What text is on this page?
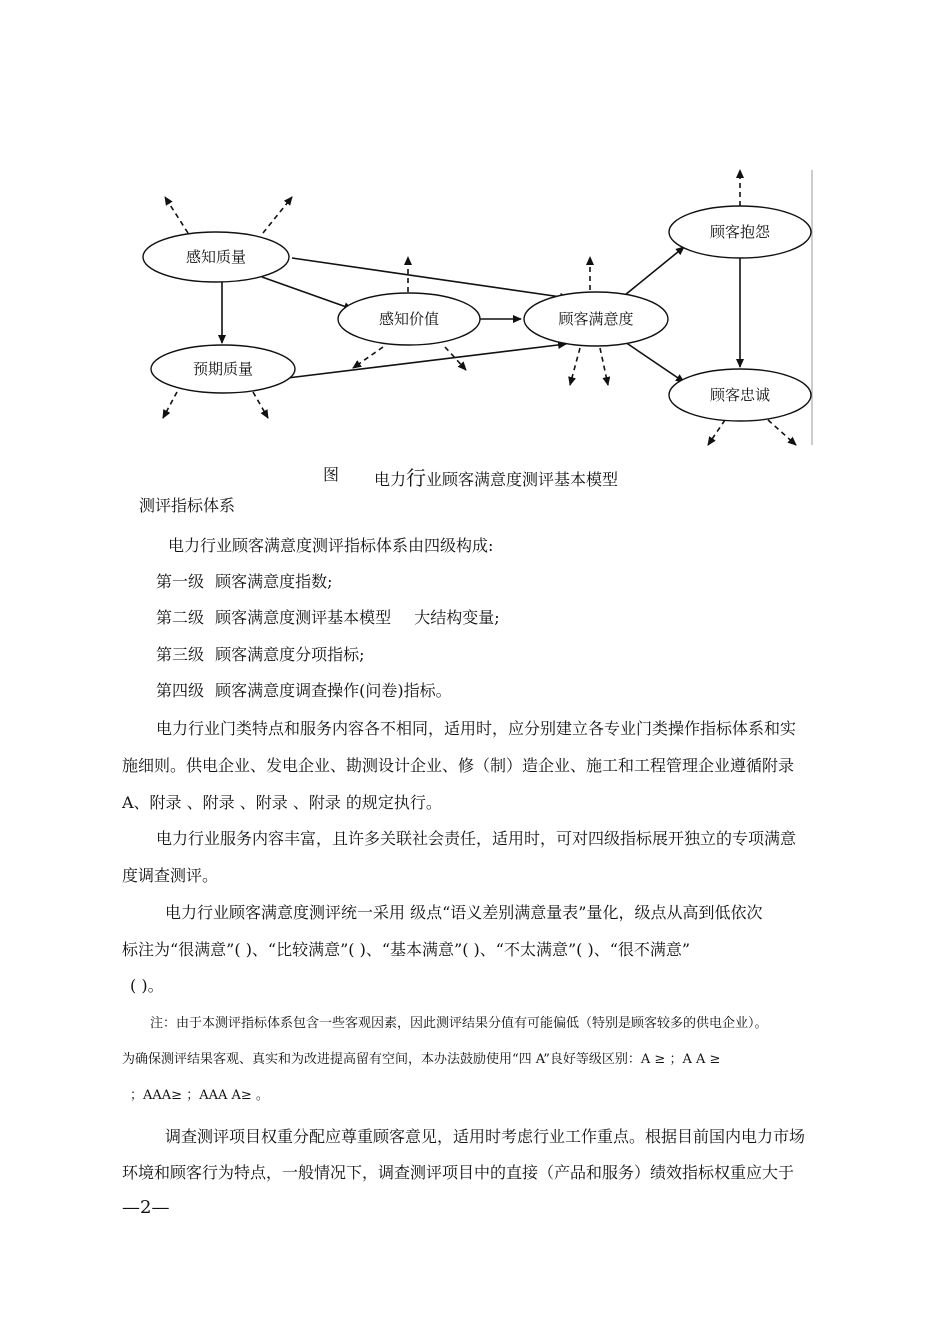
感知质量
感知价值	顾客满意度
预期质量
顾客抱怨
顾客忠诚
图 电力行业顾客满意度测评基本模型
测评指标体系
电力行业顾客满意度测评指标体系由四级构成:
第一级 顾客满意度指数;
第二级 顾客满意度测评基本模型 大结构变量;
第三级 顾客满意度分项指标;
第四级 顾客满意度调查操作(问卷)指标。
电力行业门类特点和服务内容各不相同，适用时，应分别建立各专业门类操作指标体系和实
施细则。供电企业、发电企业、勘测设计企业、修（制）造企业、施工和工程管理企业遵循附录
A、附录 、附录 、附录 、附录 的规定执行。
电力行业服务内容丰富，且许多关联社会责任，适用时，可对四级指标展开独立的专项满意
度调查测评。
电力行业顾客满意度测评统一采用 级点“语义差别满意量表”量化，级点从高到低依次
标注为“很满意”( )、“比较满意”( )、“基本满意”( )、“不太满意”( )、“很不满意”
( )。
注：由于本测评指标体系包含一些客观因素，因此测评结果分值有可能偏低（特别是顾客较多的供电企业）。
为确保测评结果客观、真实和为改进提高留有空间，本办法鼓励使用“四 A”良好等级区别：A ≥ ；A A ≥
；AAA≥ ；AAA A≥ 。
调查测评项目权重分配应尊重顾客意见，适用时考虑行业工作重点。根据目前国内电力市场
环境和顾客行为特点，一般情况下，调查测评项目中的直接（产品和服务）绩效指标权重应大于
—2—
